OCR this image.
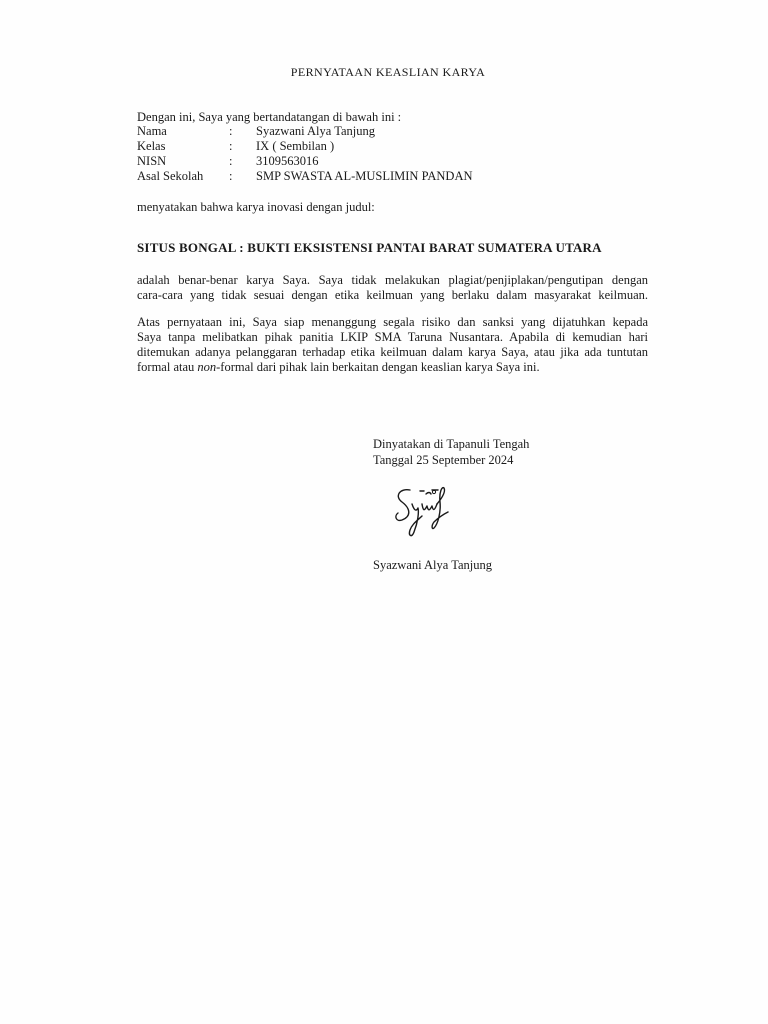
PERNYATAAN KEASLIAN KARYA
Dengan ini, Saya yang bertandatangan di bawah ini :
Nama	:	Syazwani Alya Tanjung
Kelas	:	IX ( Sembilan )
NISN	:	3109563016
Asal Sekolah	:	SMP SWASTA AL-MUSLIMIN PANDAN
menyatakan bahwa karya inovasi dengan judul:
SITUS BONGAL : BUKTI EKSISTENSI PANTAI BARAT SUMATERA UTARA
adalah benar-benar karya Saya. Saya tidak melakukan plagiat/penjiplakan/pengutipan dengan
cara-cara yang tidak sesuai dengan etika keilmuan yang berlaku dalam masyarakat keilmuan.
Atas pernyataan ini, Saya siap menanggung segala risiko dan sanksi yang dijatuhkan kepada
Saya tanpa melibatkan pihak panitia LKIP SMA Taruna Nusantara. Apabila di kemudian hari
ditemukan adanya pelanggaran terhadap etika keilmuan dalam karya Saya, atau jika ada tuntutan
formal atau non-formal dari pihak lain berkaitan dengan keaslian karya Saya ini.
Dinyatakan di Tapanuli Tengah
Tanggal 25 September 2024
Syazwani Alya Tanjung
